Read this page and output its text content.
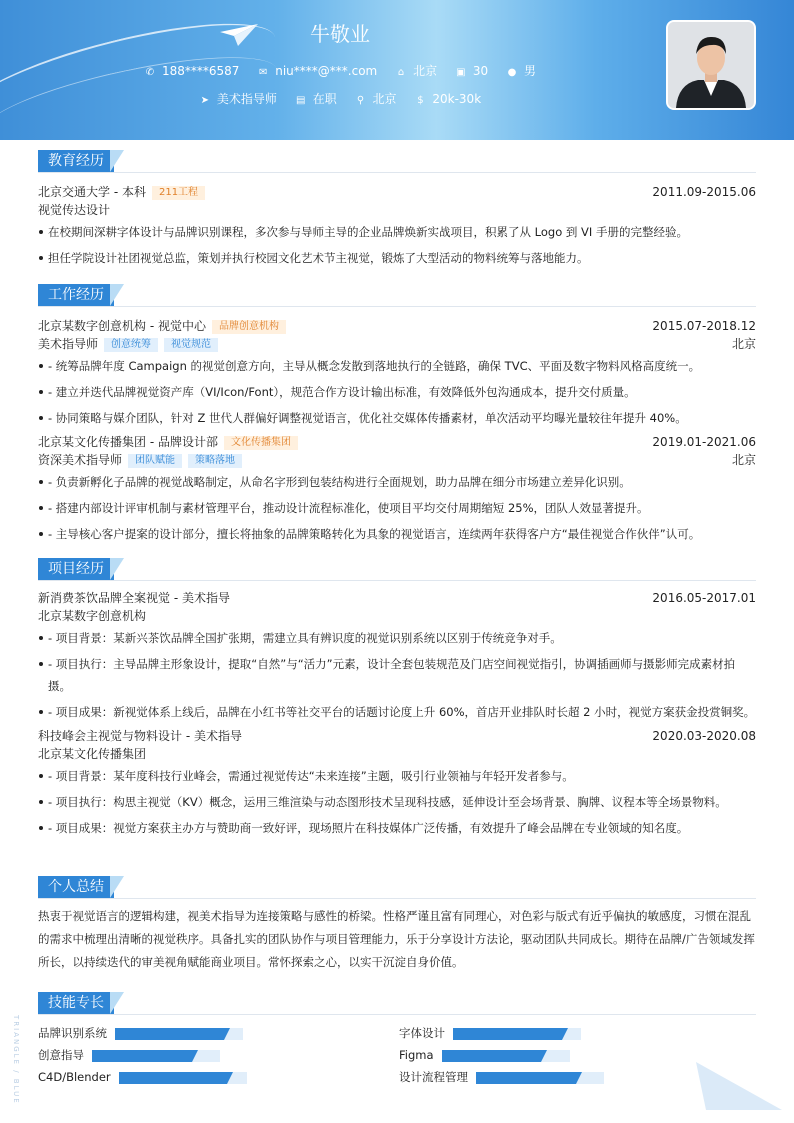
牛敬业
✆ 188****6587 ✉ niu****@***.com ⌂ 北京 ▣ 30 ● 男
➤ 美术指导师 ▤ 在职 ⚲ 北京 $ 20k-30k
教育经历
北京交通大学 - 本科 211工程	2011.09-2015.06
视觉传达设计
在校期间深耕字体设计与品牌识别课程，多次参与导师主导的企业品牌焕新实战项目，积累了从 Logo 到 VI 手册的完整经验。
担任学院设计社团视觉总监，策划并执行校园文化艺术节主视觉，锻炼了大型活动的物料统筹与落地能力。
工作经历
北京某数字创意机构 - 视觉中心 品牌创意机构	2015.07-2018.12
美术指导师 创意统筹 视觉规范	北京
- 统筹品牌年度 Campaign 的视觉创意方向，主导从概念发散到落地执行的全链路，确保 TVC、平面及数字物料风格高度统一。
- 建立并迭代品牌视觉资产库（VI/Icon/Font），规范合作方设计输出标准，有效降低外包沟通成本，提升交付质量。
- 协同策略与媒介团队，针对 Z 世代人群偏好调整视觉语言，优化社交媒体传播素材，单次活动平均曝光量较往年提升 40%。
北京某文化传播集团 - 品牌设计部 文化传播集团	2019.01-2021.06
资深美术指导师 团队赋能 策略落地	北京
- 负责新孵化子品牌的视觉战略制定，从命名字形到包装结构进行全面规划，助力品牌在细分市场建立差异化识别。
- 搭建内部设计评审机制与素材管理平台，推动设计流程标准化，使项目平均交付周期缩短 25%，团队人效显著提升。
- 主导核心客户提案的设计部分，擅长将抽象的品牌策略转化为具象的视觉语言，连续两年获得客户方“最佳视觉合作伙伴”认可。
项目经历
新消费茶饮品牌全案视觉 - 美术指导	2016.05-2017.01
北京某数字创意机构
- 项目背景：某新兴茶饮品牌全国扩张期，需建立具有辨识度的视觉识别系统以区别于传统竞争对手。
- 项目执行：主导品牌主形象设计，提取“自然”与“活力”元素，设计全套包装规范及门店空间视觉指引，协调插画师与摄影师完成素材拍摄。
- 项目成果：新视觉体系上线后，品牌在小红书等社交平台的话题讨论度上升 60%，首店开业排队时长超 2 小时，视觉方案获金投赏铜奖。
科技峰会主视觉与物料设计 - 美术指导	2020.03-2020.08
北京某文化传播集团
- 项目背景：某年度科技行业峰会，需通过视觉传达“未来连接”主题，吸引行业领袖与年轻开发者参与。
- 项目执行：构思主视觉（KV）概念，运用三维渲染与动态图形技术呈现科技感，延伸设计至会场背景、胸牌、议程本等全场景物料。
- 项目成果：视觉方案获主办方与赞助商一致好评，现场照片在科技媒体广泛传播，有效提升了峰会品牌在专业领域的知名度。
个人总结
热衷于视觉语言的逻辑构建，视美术指导为连接策略与感性的桥梁。性格严谨且富有同理心，对色彩与版式有近乎偏执的敏感度，习惯在混乱的需求中梳理出清晰的视觉秩序。具备扎实的团队协作与项目管理能力，乐于分享设计方法论，驱动团队共同成长。期待在品牌/广告领域发挥所长，以持续迭代的审美视角赋能商业项目。常怀探索之心，以实干沉淀自身价值。
技能专长
品牌识别系统	字体设计
创意指导	Figma
C4D/Blender	设计流程管理
TRIANGLE / BLUE
